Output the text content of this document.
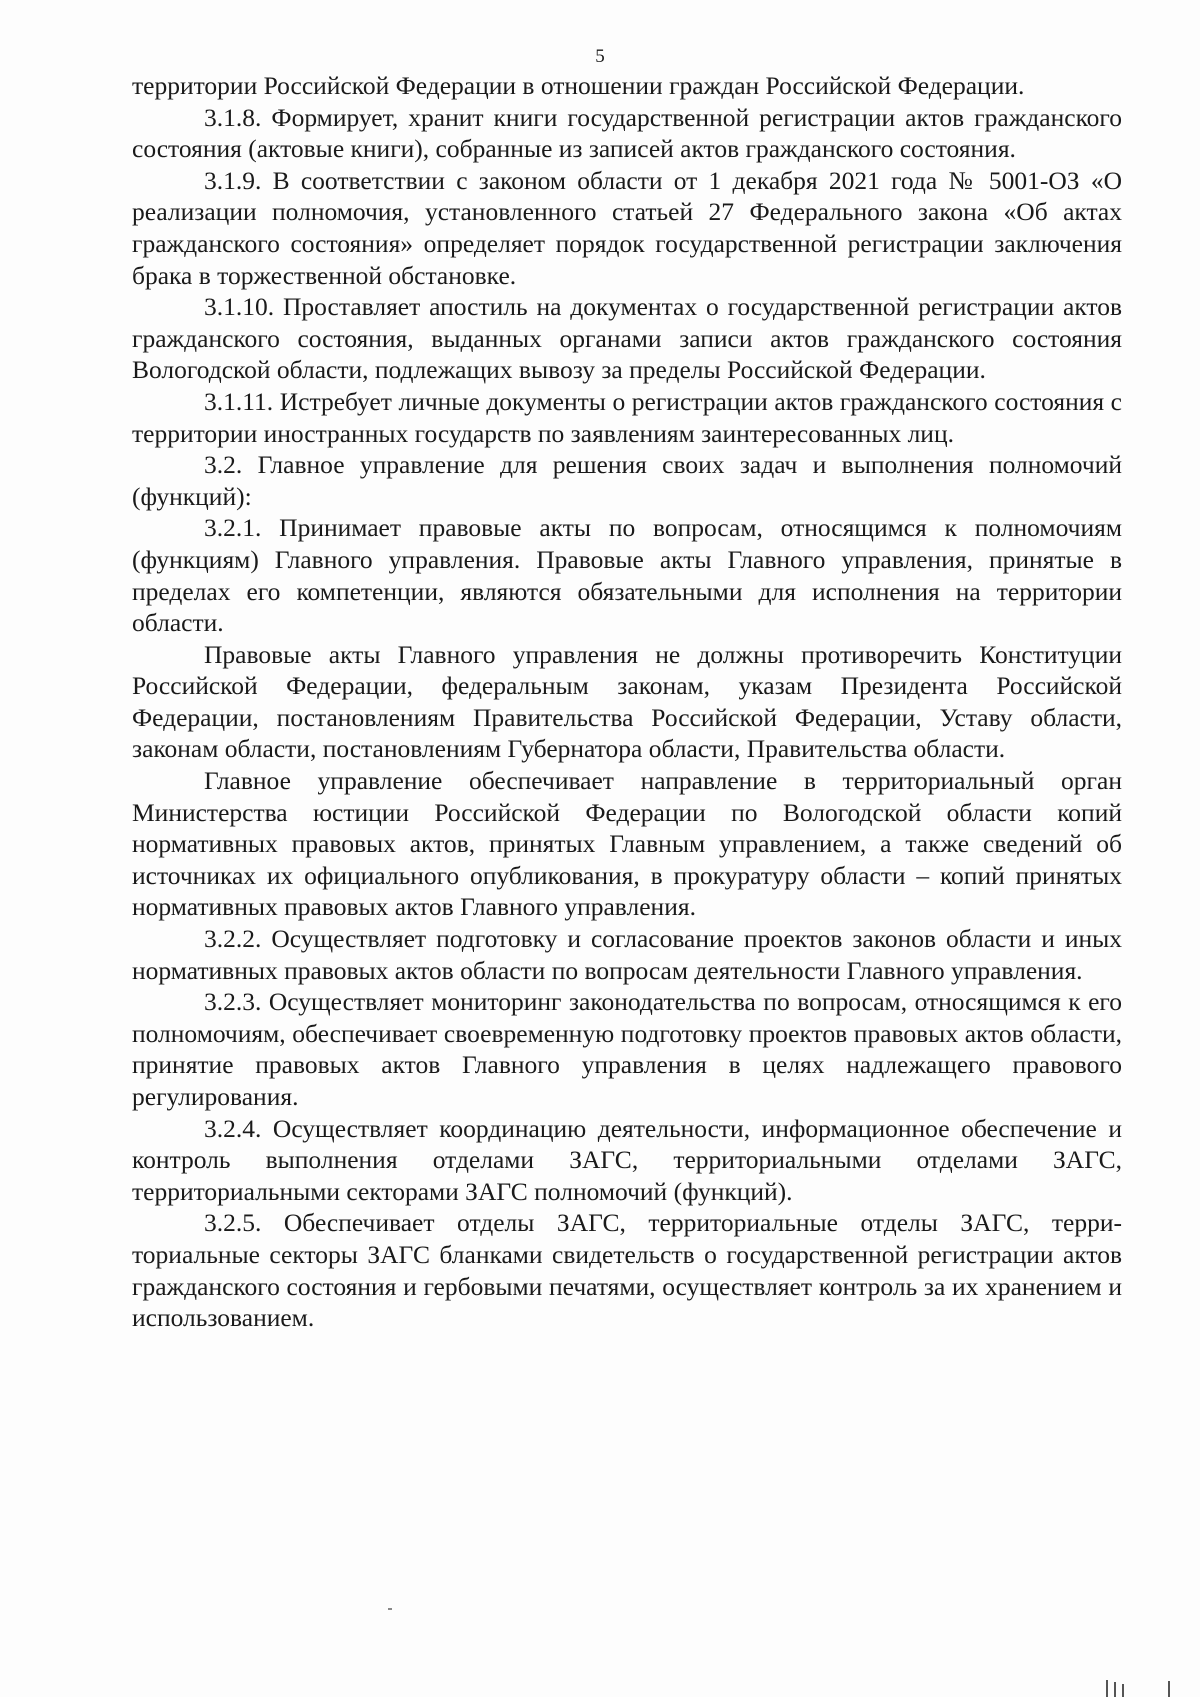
5

территории Российской Федерации в отношении граждан Российской Федерации.

3.1.8. Формирует, хранит книги государственной регистрации актов гражданского состояния (актовые книги), собранные из записей актов гражданского состояния.

3.1.9. В соответствии с законом области от 1 декабря 2021 года № 5001-ОЗ «О реализации полномочия, установленного статьей 27 Федерального закона «Об актах гражданского состояния» определяет порядок государственной регистрации заключения брака в торжественной обстановке.

3.1.10. Проставляет апостиль на документах о государственной регистрации актов гражданского состояния, выданных органами записи актов гражданского состояния Вологодской области, подлежащих вывозу за пределы Российской Федерации.

3.1.11. Истребует личные документы о регистрации актов гражданского состояния с территории иностранных государств по заявлениям заинтересованных лиц.

3.2. Главное управление для решения своих задач и выполнения полномочий (функций):

3.2.1. Принимает правовые акты по вопросам, относящимся к полномочиям (функциям) Главного управления. Правовые акты Главного управления, принятые в пределах его компетенции, являются обязательными для исполнения на территории области.

Правовые акты Главного управления не должны противоречить Конституции Российской Федерации, федеральным законам, указам Президента Российской Федерации, постановлениям Правительства Российской Федерации, Уставу области, законам области, постановлениям Губернатора области, Правительства области.

Главное управление обеспечивает направление в территориальный орган Министерства юстиции Российской Федерации по Вологодской области копий нормативных правовых актов, принятых Главным управлением, а также сведений об источниках их официального опубликования, в прокуратуру области – копий принятых нормативных правовых актов Главного управления.

3.2.2. Осуществляет подготовку и согласование проектов законов области и иных нормативных правовых актов области по вопросам деятельности Главного управления.

3.2.3. Осуществляет мониторинг законодательства по вопросам, относящимся к его полномочиям, обеспечивает своевременную подготовку проектов правовых актов области, принятие правовых актов Главного управления в целях надлежащего правового регулирования.

3.2.4. Осуществляет координацию деятельности, информационное обеспечение и контроль выполнения отделами ЗАГС, территориальными отделами ЗАГС, территориальными секторами ЗАГС полномочий (функций).

3.2.5. Обеспечивает отделы ЗАГС, территориальные отделы ЗАГС, территориальные секторы ЗАГС бланками свидетельств о государственной регистрации актов гражданского состояния и гербовыми печатями, осуществляет контроль за их хранением и использованием.
